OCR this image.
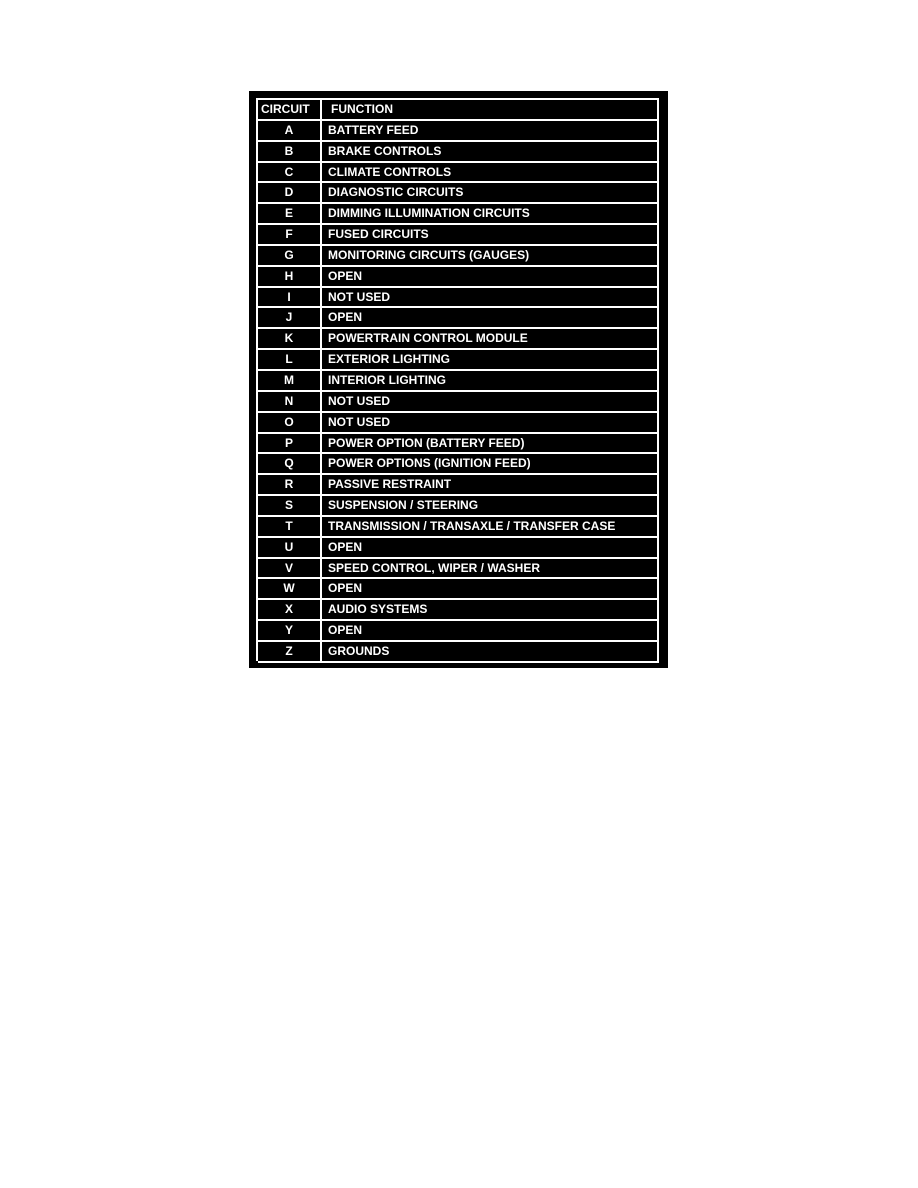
CIRCUIT	FUNCTION
A	BATTERY FEED
B	BRAKE CONTROLS
C	CLIMATE CONTROLS
D	DIAGNOSTIC CIRCUITS
E	DIMMING ILLUMINATION CIRCUITS
F	FUSED CIRCUITS
G	MONITORING CIRCUITS (GAUGES)
H	OPEN
I	NOT USED
J	OPEN
K	POWERTRAIN CONTROL MODULE
L	EXTERIOR LIGHTING
M	INTERIOR LIGHTING
N	NOT USED
O	NOT USED
P	POWER OPTION (BATTERY FEED)
Q	POWER OPTIONS (IGNITION FEED)
R	PASSIVE RESTRAINT
S	SUSPENSION / STEERING
T	TRANSMISSION / TRANSAXLE / TRANSFER CASE
U	OPEN
V	SPEED CONTROL, WIPER / WASHER
W	OPEN
X	AUDIO SYSTEMS
Y	OPEN
Z	GROUNDS
